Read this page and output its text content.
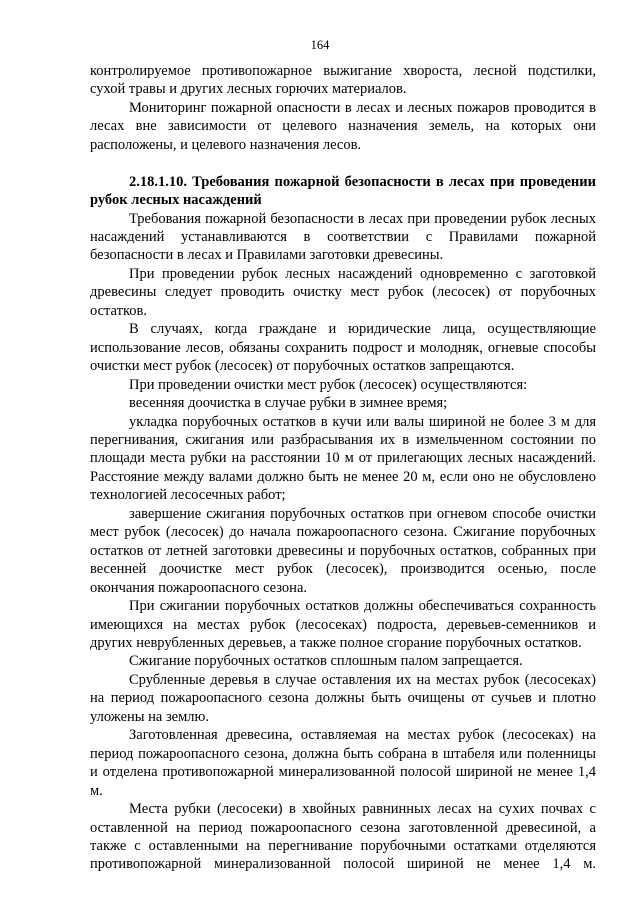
164

контролируемое противопожарное выжигание хвороста, лесной подстилки, сухой травы и других лесных горючих материалов.

Мониторинг пожарной опасности в лесах и лесных пожаров проводится в лесах вне зависимости от целевого назначения земель, на которых они расположены, и целевого назначения лесов.

2.18.1.10. Требования пожарной безопасности в лесах при проведении рубок лесных насаждений

Требования пожарной безопасности в лесах при проведении рубок лесных насаждений устанавливаются в соответствии с Правилами пожарной безопасности в лесах и Правилами заготовки древесины.

При проведении рубок лесных насаждений одновременно с заготовкой древесины следует проводить очистку мест рубок (лесосек) от порубочных остатков.

В случаях, когда граждане и юридические лица, осуществляющие использование лесов, обязаны сохранить подрост и молодняк, огневые способы очистки мест рубок (лесосек) от порубочных остатков запрещаются.

При проведении очистки мест рубок (лесосек) осуществляются:

весенняя доочистка в случае рубки в зимнее время;

укладка порубочных остатков в кучи или валы шириной не более 3 м для перегнивания, сжигания или разбрасывания их в измельченном состоянии по площади места рубки на расстоянии 10 м от прилегающих лесных насаждений. Расстояние между валами должно быть не менее 20 м, если оно не обусловлено технологией лесосечных работ;

завершение сжигания порубочных остатков при огневом способе очистки мест рубок (лесосек) до начала пожароопасного сезона. Сжигание порубочных остатков от летней заготовки древесины и порубочных остатков, собранных при весенней доочистке мест рубок (лесосек), производится осенью, после окончания пожароопасного сезона.

При сжигании порубочных остатков должны обеспечиваться сохранность имеющихся на местах рубок (лесосеках) подроста, деревьев-семенников и других неврубленных деревьев, а также полное сгорание порубочных остатков.

Сжигание порубочных остатков сплошным палом запрещается.

Срубленные деревья в случае оставления их на местах рубок (лесосеках) на период пожароопасного сезона должны быть очищены от сучьев и плотно уложены на землю.

Заготовленная древесина, оставляемая на местах рубок (лесосеках) на период пожароопасного сезона, должна быть собрана в штабеля или поленницы и отделена противопожарной минерализованной полосой шириной не менее 1,4 м.

Места рубки (лесосеки) в хвойных равнинных лесах на сухих почвах с оставленной на период пожароопасного сезона заготовленной древесиной, а также с оставленными на перегнивание порубочными остатками отделяются противопожарной минерализованной полосой шириной не менее 1,4 м.
